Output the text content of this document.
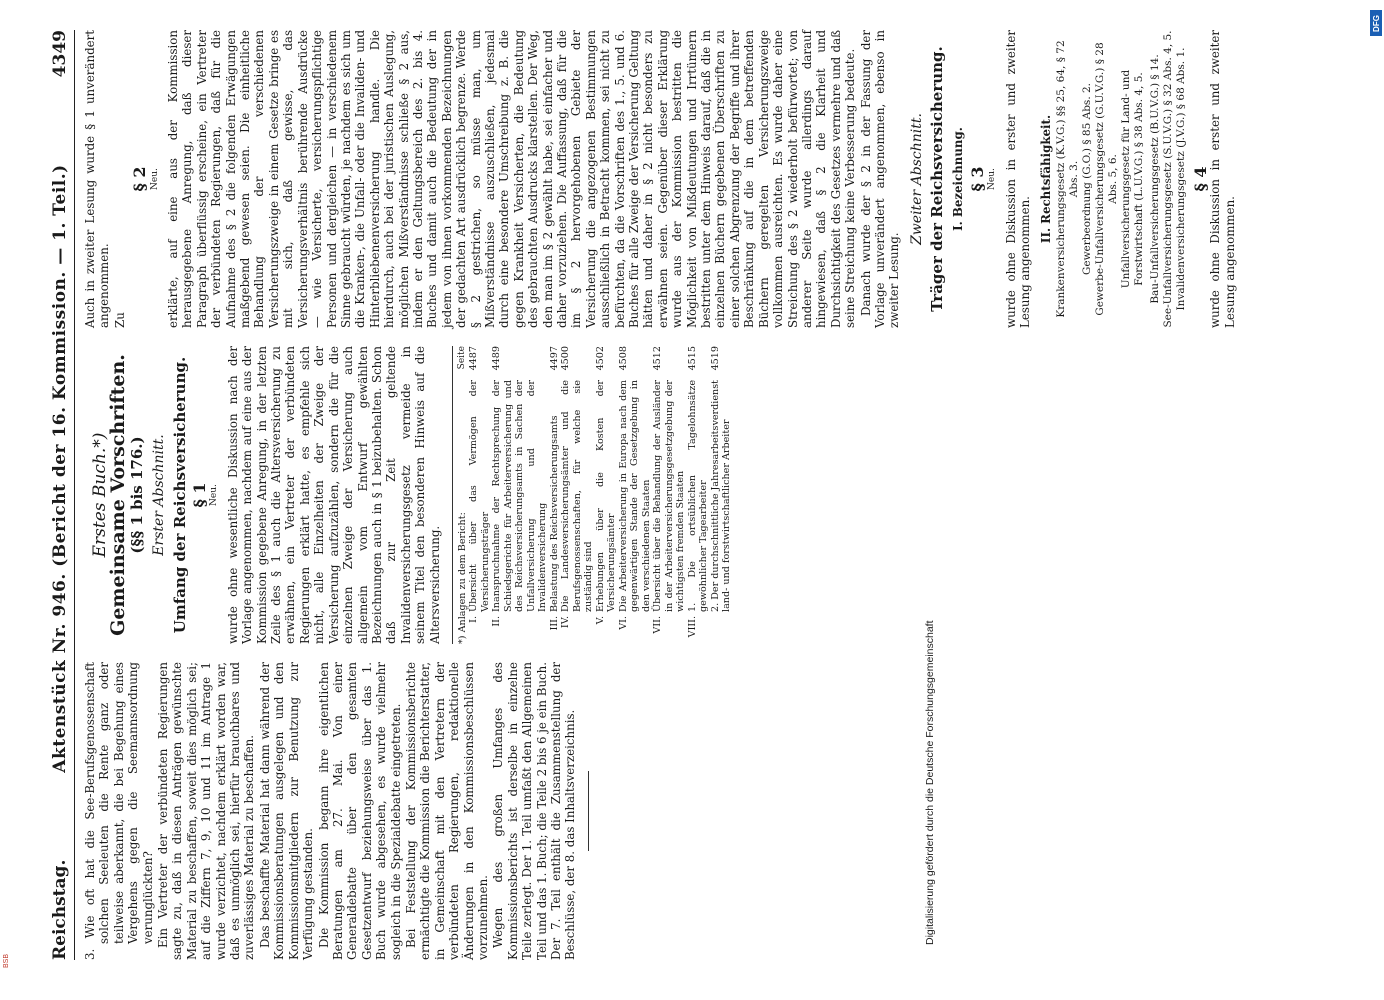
Reichstag.
Aktenstück Nr. 946. (Bericht der 16. Kommission. — 1. Teil.)
4349

3. Wie oft hat die See-Berufsgenossenschaft solchen Seeleuten die Rente ganz oder teilweise aberkannt, die bei Begehung eines Vergehens gegen die Seemannsordnung verunglückten? Ein Vertreter der verbündeten Regierungen sagte zu, daß in diesen Anträgen gewünschte Material zu beschaffen, soweit dies möglich sei; auf die Ziffern 7, 9, 10 und 11 im Antrage 1 wurde verzichtet, nachdem erklärt worden war, daß es unmöglich sei, hierfür brauchbares und zuverlässiges Material zu beschaffen. Das beschaffte Material hat dann während der Kommissionsberatungen ausgelegen und den Kommissionsmitgliedern zur Benutzung zur Verfügung gestanden. Die Kommission begann ihre eigentlichen Beratungen am 27. Mai. Von einer Generaldebatte über den gesamten Gesetzentwurf beziehungsweise über das 1. Buch wurde abgesehen, es wurde vielmehr sogleich in die Spezialdebatte eingetreten. Bei Feststellung der Kommissionsberichte ermächtigte die Kommission die Berichterstatter, in Gemeinschaft mit den Vertretern der verbündeten Regierungen, redaktionelle Änderungen in den Kommissionsbeschlüssen vorzunehmen. Wegen des großen Umfanges des Kommissionsberichts ist derselbe in einzelne Teile zerlegt. Der 1. Teil umfaßt den Allgemeinen Teil und das 1. Buch; die Teile 2 bis 6 je ein Buch. Der 7. Teil enthält die Zusammenstellung der Beschlüsse, der 8. das Inhaltsverzeichnis.

Erstes Buch.*)
Gemeinsame Vorschriften.
(§§ 1 bis 176.) Erster Abschnitt. Umfang der Reichsversicherung. § 1 Neu. wurde ohne wesentliche Diskussion nach der Vorlage angenommen, nachdem auf eine aus der Kommission gegebene Anregung, in der letzten Zeile des § 1 auch die Altersversicherung zu erwähnen, ein Vertreter der verbündeten Regierungen erklärt hatte, es empfehle sich nicht, alle Einzelheiten der Zweige der Versicherung aufzuzählen, sondern die für die einzelnen Zweige der Versicherung auch allgemein vom Entwurf gewählten Bezeichnungen auch in § 1 beizubehalten. Schon daß zur Zeit geltende Invalidenversicherungsgesetz vermeide in seinem Titel den besonderen Hinweis auf die Altersversicherung. *) Anlagen zu dem Bericht:
Seite
I.
Übersicht über das Vermögen der Versicherungsträger
4487
II.
Inanspruchnahme der Rechtsprechung der Schiedsgerichte für Arbeiterversicherung und des Reichsversicherungsamts in Sachen der Unfallversicherung und der Invalidenversicherung
4489
III.
Belastung des Reichsversicherungsamts
4497
IV.
Die Landesversicherungsämter und die Berufsgenossenschaften, für welche sie zuständig sind
4500
V.
Erhebungen über die Kosten der Versicherungsämter
4502
VI.
Die Arbeiterversicherung in Europa nach dem gegenwärtigen Stande der Gesetzgebung in den verschiedenen Staaten
4508
VII.
Übersicht über die Behandlung der Ausländer in der Arbeiterversicherungsgesetzgebung der wichtigsten fremden Staaten
4512
VIII.
1. Die ortsüblichen Tagelohnsätze gewöhnlicher Tagearbeiter
4515
2. Der durchschnittliche Jahresarbeitsverdienst land- und forstwirtschaftlicher Arbeiter
4519

Auch in zweiter Lesung wurde § 1 unverändert angenommen. Zu

§ 2 Neu. erklärte, auf eine aus der Kommission herausgegebene Anregung, daß dieser Paragraph überflüssig erscheine, ein Vertreter der verbündeten Regierungen, daß für die Aufnahme des § 2 die folgenden Erwägungen maßgebend gewesen seien. Die einheitliche Behandlung der verschiedenen Versicherungszweige in einem Gesetze bringe es mit sich, daß gewisse, das Versicherungsverhältnis berührende Ausdrücke — wie Versicherte, versicherungspflichtige Personen und dergleichen — in verschiedenem Sinne gebraucht würden, je nachdem es sich um die Kranken-, die Unfall- oder die Invaliden- und Hinterbliebenenversicherung handle. Die hierdurch, auch bei der juristischen Auslegung, möglichen Mißverständnisse schließe § 2 aus, indem er den Geltungsbereich des 2. bis 4. Buches und damit auch die Bedeutung der in jedem von ihnen vorkommenden Bezeichnungen der gedachten Art ausdrücklich begrenze. Werde § 2 gestrichen, so müsse man, um Mißverständnisse auszuschließen, jedesmal durch eine besondere Umschreibung z. B. die gegen Krankheit Versicherten, die Bedeutung des gebrauchten Ausdrucks klarstellen. Der Weg, den man im § 2 gewählt habe, sei einfacher und daher vorzuziehen. Die Auffassung, daß für die im § 2 hervorgehobenen Gebiete der Versicherung die angezogenen Bestimmungen ausschließlich in Betracht kommen, sei nicht zu befürchten, da die Vorschriften des 1., 5. und 6. Buches für alle Zweige der Versicherung Geltung hätten und daher in § 2 nicht besonders zu erwähnen seien. Gegenüber dieser Erklärung wurde aus der Kommission bestritten die Möglichkeit von Mißdeutungen und Irrtümern bestritten unter dem Hinweis darauf, daß die in einzelnen Büchern gegebenen Überschriften zu einer solchen Abgrenzung der Begriffe und ihrer Beschränkung auf die in dem betreffenden Büchern geregelten Versicherungszweige vollkommen ausreichten. Es wurde daher eine Streichung des § 2 wiederholt befürwortet; von anderer Seite wurde allerdings darauf hingewiesen, daß § 2 die Klarheit und Durchsichtigkeit des Gesetzes vermehre und daß seine Streichung keine Verbesserung bedeute. Danach wurde der § 2 in der Fassung der Vorlage unverändert angenommen, ebenso in zweiter Lesung.

Zweiter Abschnitt. Träger der Reichsversicherung. I. Bezeichnung. § 3 Neu. wurde ohne Diskussion in erster und zweiter Lesung angenommen.

II. Rechtsfähigkeit. Krankenversicherungsgesetz (K.V.G.) §§ 25, 64, § 72 Abs. 3. Gewerbeordnung (G.O.) § 85 Abs. 2. Gewerbe-Unfallversicherungsgesetz (G.U.V.G.) § 28 Abs. 5, 6. Unfallversicherungsgesetz für Land- und Forstwirtschaft (L.U.V.G.) § 38 Abs. 4, 5. Bau-Unfallversicherungsgesetz (B.U.V.G.) § 14. See-Unfallversicherungsgesetz (S.U.V.G.) § 32 Abs. 4, 5. Invalidenversicherungsgesetz (J.V.G.) § 68 Abs. 1. § 4

wurde ohne Diskussion in erster und zweiter Lesung angenommen.

DFG
Digitalisierung gefördert durch die Deutsche Forschungsgemeinschaft
BSB
